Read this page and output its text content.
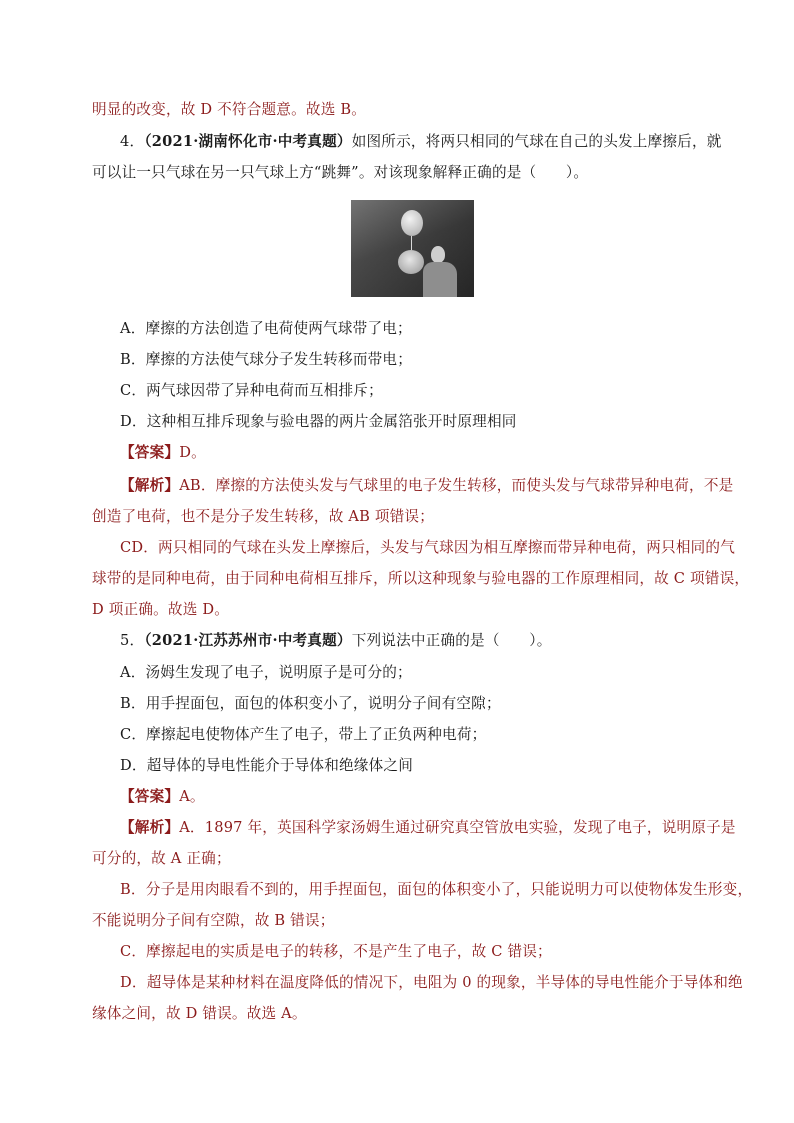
明显的改变，故 D 不符合题意。故选 B。
4．（2021·湖南怀化市·中考真题）如图所示，将两只相同的气球在自己的头发上摩擦后，就
可以让一只气球在另一只气球上方“跳舞”。对该现象解释正确的是（　　）。
A．摩擦的方法创造了电荷使两气球带了电；
B．摩擦的方法使气球分子发生转移而带电；
C．两气球因带了异种电荷而互相排斥；
D．这种相互排斥现象与验电器的两片金属箔张开时原理相同
【答案】D。
【解析】AB．摩擦的方法使头发与气球里的电子发生转移，而使头发与气球带异种电荷，不是
创造了电荷，也不是分子发生转移，故 AB 项错误；
CD．两只相同的气球在头发上摩擦后，头发与气球因为相互摩擦而带异种电荷，两只相同的气
球带的是同种电荷，由于同种电荷相互排斥，所以这种现象与验电器的工作原理相同，故 C 项错误，
D 项正确。故选 D。
5．（2021·江苏苏州市·中考真题）下列说法中正确的是（　　）。
A．汤姆生发现了电子，说明原子是可分的；
B．用手捏面包，面包的体积变小了，说明分子间有空隙；
C．摩擦起电使物体产生了电子，带上了正负两种电荷；
D．超导体的导电性能介于导体和绝缘体之间
【答案】A。
【解析】A．1897 年，英国科学家汤姆生通过研究真空管放电实验，发现了电子，说明原子是
可分的，故 A 正确；
B．分子是用肉眼看不到的，用手捏面包，面包的体积变小了，只能说明力可以使物体发生形变，
不能说明分子间有空隙，故 B 错误；
C．摩擦起电的实质是电子的转移，不是产生了电子，故 C 错误；
D．超导体是某种材料在温度降低的情况下，电阻为 0 的现象，半导体的导电性能介于导体和绝
缘体之间，故 D 错误。故选 A。
